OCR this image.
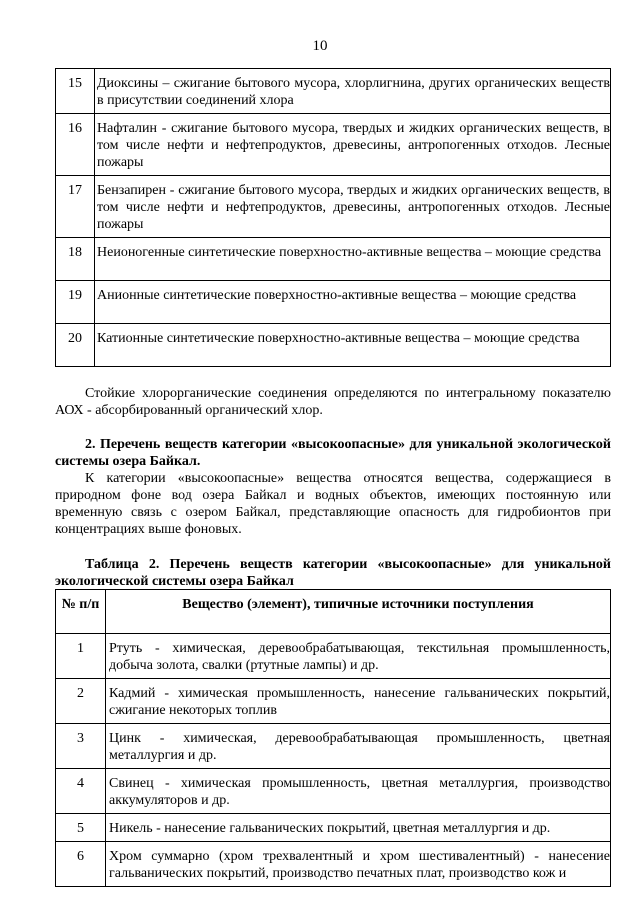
10
15	Диоксины – сжигание бытового мусора, хлорлигнина, других органических веществ в присутствии соединений хлора
16	Нафталин - сжигание бытового мусора, твердых и жидких органических веществ, в том числе нефти и нефтепродуктов, древесины, антропогенных отходов. Лесные пожары
17	Бензапирен - сжигание бытового мусора, твердых и жидких органических веществ, в том числе нефти и нефтепродуктов, древесины, антропогенных отходов. Лесные пожары
18	Неионогенные синтетические поверхностно-активные вещества – моющие средства
19	Анионные синтетические поверхностно-активные вещества – моющие средства
20	Катионные синтетические поверхностно-активные вещества – моющие средства
Стойкие хлорорганические соединения определяются по интегральному показателю АОХ - абсорбированный органический хлор.
2. Перечень веществ категории «высокоопасные» для уникальной экологической системы озера Байкал.
К категории «высокоопасные» вещества относятся вещества, содержащиеся в природном фоне вод озера Байкал и водных объектов, имеющих постоянную или временную связь с озером Байкал, представляющие опасность для гидробионтов при концентрациях выше фоновых.
Таблица 2. Перечень веществ категории «высокоопасные» для уникальной экологической системы озера Байкал
№ п/п	Вещество (элемент), типичные источники поступления
1	Ртуть - химическая, деревообрабатывающая, текстильная промышленность, добыча золота, свалки (ртутные лампы) и др.
2	Кадмий - химическая промышленность, нанесение гальванических покрытий, сжигание некоторых топлив
3	Цинк - химическая, деревообрабатывающая промышленность, цветная металлургия и др.
4	Свинец - химическая промышленность, цветная металлургия, производство аккумуляторов и др.
5	Никель - нанесение гальванических покрытий, цветная металлургия и др.
6	Хром суммарно (хром трехвалентный и хром шестивалентный) - нанесение гальванических покрытий, производство печатных плат, производство кож и
